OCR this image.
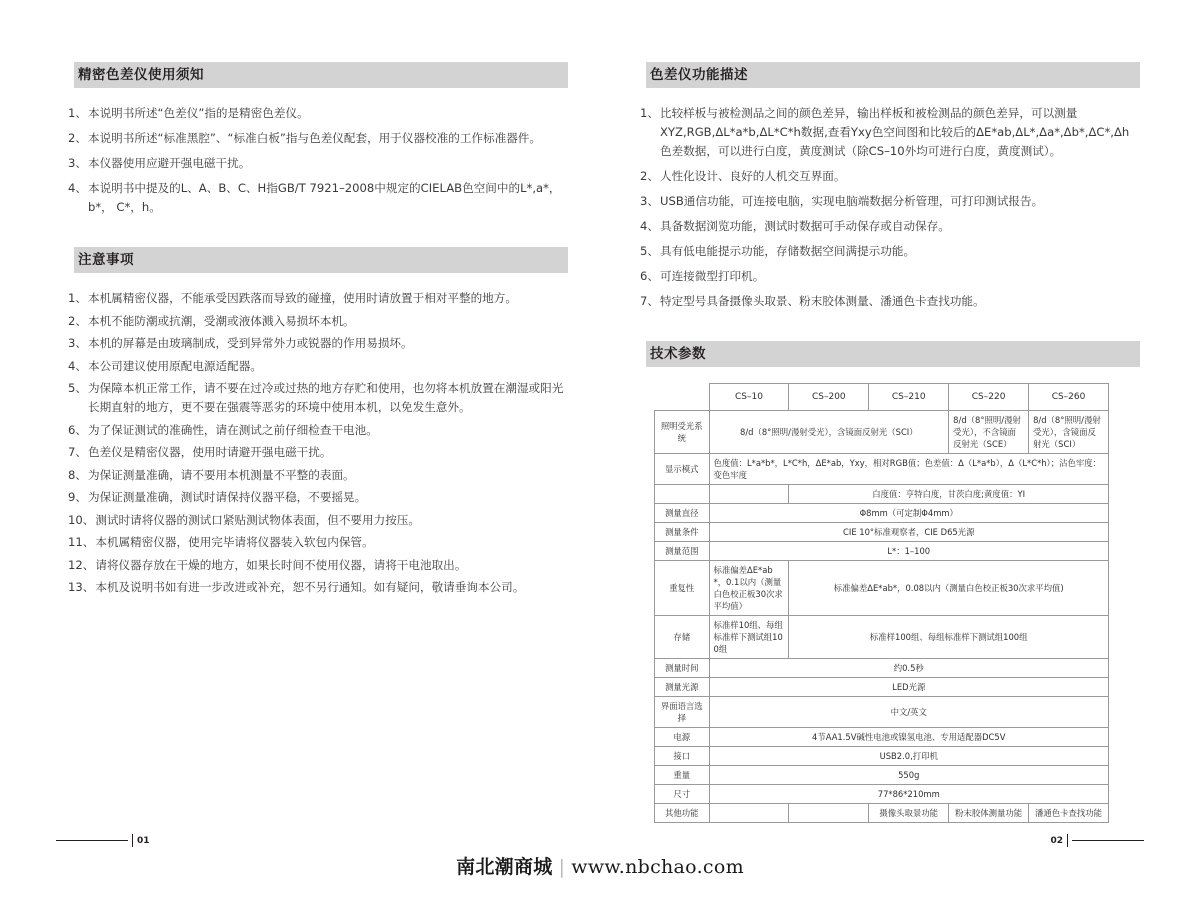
精密色差仪使用须知
1、 本说明书所述“色差仪”指的是精密色差仪。
2、 本说明书所述“标准黑腔”、“标准白板”指与色差仪配套，用于仪器校准的工作标准器件。
3、 本仪器使用应避开强电磁干扰。
4、 本说明书中提及的L、A、B、C、H指GB/T 7921–2008中规定的CIELAB色空间中的L*,a*，b*， C*，h。
注意事项
1、 本机属精密仪器，不能承受因跌落而导致的碰撞，使用时请放置于相对平整的地方。
2、 本机不能防潮或抗潮，受潮或液体溅入易损坏本机。
3、 本机的屏幕是由玻璃制成，受到异常外力或锐器的作用易损坏。
4、 本公司建议使用原配电源适配器。
5、 为保障本机正常工作，请不要在过冷或过热的地方存贮和使用，也勿将本机放置在潮湿或阳光长期直射的地方，更不要在强震等恶劣的环境中使用本机，以免发生意外。
6、 为了保证测试的准确性，请在测试之前仔细检查干电池。
7、 色差仪是精密仪器，使用时请避开强电磁干扰。
8、 为保证测量准确，请不要用本机测量不平整的表面。
9、 为保证测量准确，测试时请保持仪器平稳，不要摇晃。
10、 测试时请将仪器的测试口紧贴测试物体表面，但不要用力按压。
11、 本机属精密仪器，使用完毕请将仪器装入软包内保管。
12、 请将仪器存放在干燥的地方，如果长时间不使用仪器，请将干电池取出。
13、 本机及说明书如有进一步改进或补充，恕不另行通知。如有疑问，敬请垂询本公司。
01
色差仪功能描述
1、 比较样板与被检测品之间的颜色差异，输出样板和被检测品的颜色差异，可以测量XYZ,RGB,ΔL*a*b,ΔL*C*h数据,查看Yxy色空间图和比较后的ΔE*ab,ΔL*,Δa*,Δb*,ΔC*,Δh色差数据，可以进行白度，黄度测试（除CS–10外均可进行白度，黄度测试）。
2、 人性化设计、良好的人机交互界面。
3、 USB通信功能，可连接电脑，实现电脑端数据分析管理，可打印测试报告。
4、 具备数据浏览功能，测试时数据可手动保存或自动保存。
5、 具有低电能提示功能，存储数据空间满提示功能。
6、 可连接微型打印机。
7、 特定型号具备摄像头取景、粉末胶体测量、潘通色卡查找功能。
技术参数
	CS–10	CS–200	CS–210	CS–220	CS–260
照明受光系统	8/d（8°照明/漫射受光），含镜面反射光（SCI）			8/d（8°照明/漫射受光），不含镜面反射光（SCE）	8/d（8°照明/漫射受光），含镜面反射光（SCI）
显示模式	色度值：L*a*b*，L*C*h，ΔE*ab，Yxy，相对RGB值；色差值：Δ（L*a*b），Δ（L*C*h）；沾色牢度：变色牢度				
		白度值：亨特白度，甘茨白度;黄度值：YI			
测量直径	Φ8mm（可定制Φ4mm）				
测量条件	CIE 10°标准观察者，CIE D65光源				
测量范围	L*：1–100				
重复性	标准偏差ΔE*ab*，0.1以内（测量白色校正板30次求平均值）	标准偏差ΔE*ab*，0.08以内（测量白色校正板30次求平均值)			
存储	标准样10组、每组标准样下测试组100组	标准样100组、每组标准样下测试组100组			
测量时间	约0.5秒				
测量光源	LED光源				
界面语言选择	中文/英文				
电源	4节AA1.5V碱性电池或镍氢电池、专用适配器DC5V				
接口	USB2.0,打印机				
重量	550g				
尺寸	77*86*210mm				
其他功能			摄像头取景功能	粉末胶体测量功能	潘通色卡查找功能
02
南北潮商城 | www.nbchao.com
